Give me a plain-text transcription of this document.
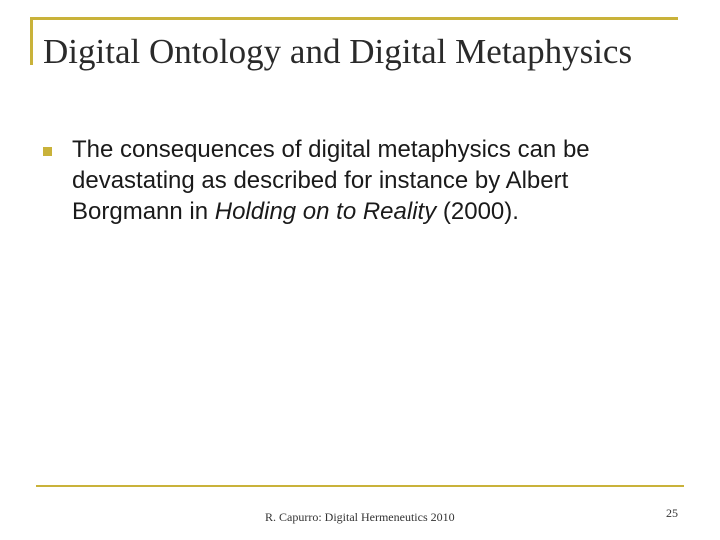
Digital Ontology and Digital Metaphysics
The consequences of digital metaphysics can be devastating as described for instance by Albert Borgmann in Holding on to Reality (2000).
R. Capurro: Digital Hermeneutics 2010	25
